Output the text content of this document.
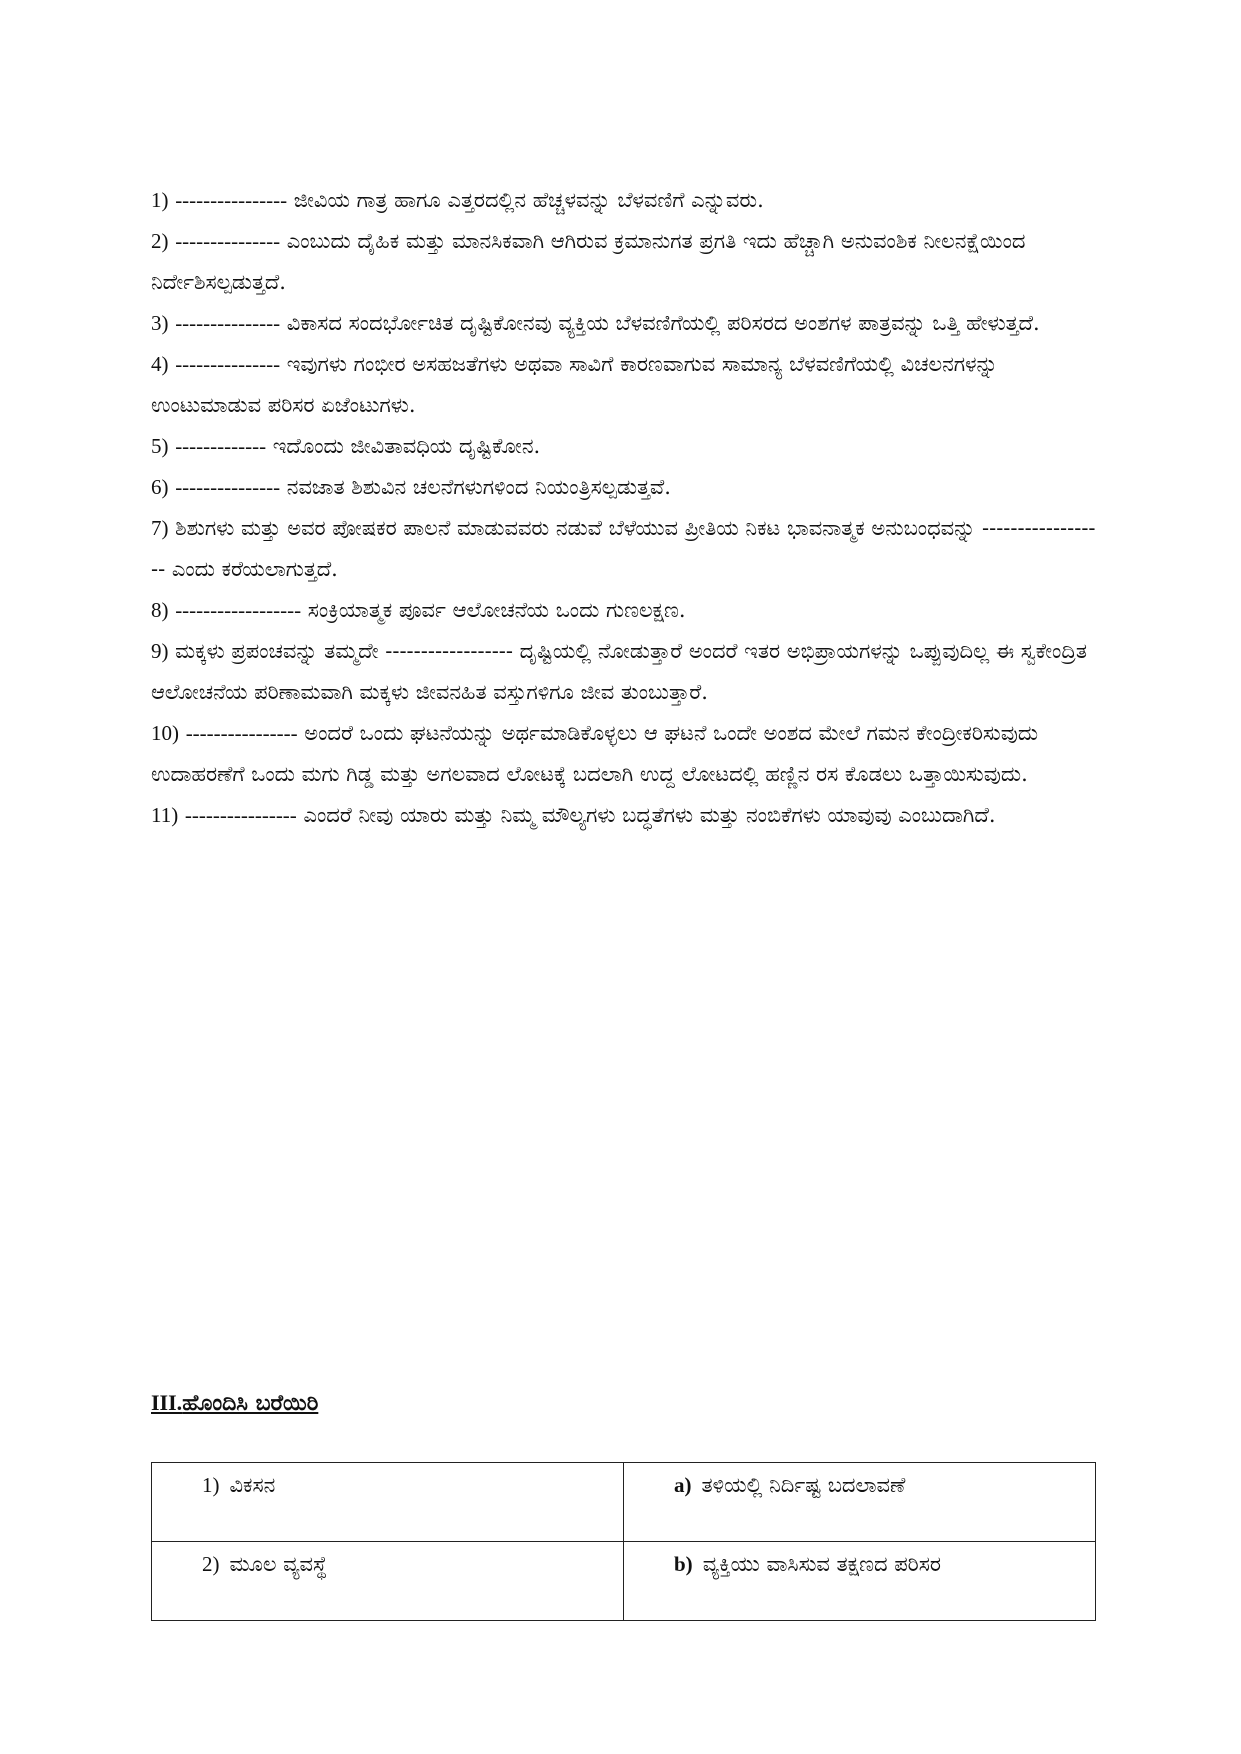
1) ---------------- ಜೀವಿಯ ಗಾತ್ರ ಹಾಗೂ ಎತ್ತರದಲ್ಲಿನ ಹೆಚ್ಚಳವನ್ನು ಬೆಳವಣಿಗೆ ಎನ್ನುವರು.

2) --------------- ಎಂಬುದು ದೈಹಿಕ ಮತ್ತು ಮಾನಸಿಕವಾಗಿ ಆಗಿರುವ ಕ್ರಮಾನುಗತ ಪ್ರಗತಿ ಇದು ಹೆಚ್ಚಾಗಿ ಅನುವಂಶಿಕ ನೀಲನಕ್ಷೆಯಿಂದ ನಿರ್ದೇಶಿಸಲ್ಪಡುತ್ತದೆ.

3) --------------- ವಿಕಾಸದ ಸಂದರ್ಭೋಚಿತ ದೃಷ್ಟಿಕೋನವು ವ್ಯಕ್ತಿಯ ಬೆಳವಣಿಗೆಯಲ್ಲಿ ಪರಿಸರದ ಅಂಶಗಳ ಪಾತ್ರವನ್ನು ಒತ್ತಿ ಹೇಳುತ್ತದೆ.

4) --------------- ಇವುಗಳು ಗಂಭೀರ ಅಸಹಜತೆಗಳು ಅಥವಾ ಸಾವಿಗೆ ಕಾರಣವಾಗುವ ಸಾಮಾನ್ಯ ಬೆಳವಣಿಗೆಯಲ್ಲಿ ವಿಚಲನಗಳನ್ನು ಉಂಟುಮಾಡುವ ಪರಿಸರ ಏಜೆಂಟುಗಳು.

5) ------------- ಇದೊಂದು ಜೀವಿತಾವಧಿಯ ದೃಷ್ಟಿಕೋನ.

6) --------------- ನವಜಾತ ಶಿಶುವಿನ ಚಲನೆಗಳುಗಳಿಂದ ನಿಯಂತ್ರಿಸಲ್ಪಡುತ್ತವೆ.

7) ಶಿಶುಗಳು ಮತ್ತು ಅವರ ಪೋಷಕರ ಪಾಲನೆ ಮಾಡುವವರು ನಡುವೆ ಬೆಳೆಯುವ ಪ್ರೀತಿಯ ನಿಕಟ ಭಾವನಾತ್ಮಕ ಅನುಬಂಧವನ್ನು ------------------ ಎಂದು ಕರೆಯಲಾಗುತ್ತದೆ.

8) ------------------ ಸಂಕ್ರಿಯಾತ್ಮಕ ಪೂರ್ವ ಆಲೋಚನೆಯ ಒಂದು ಗುಣಲಕ್ಷಣ.

9) ಮಕ್ಕಳು ಪ್ರಪಂಚವನ್ನು ತಮ್ಮದೇ ------------------ ದೃಷ್ಟಿಯಲ್ಲಿ ನೋಡುತ್ತಾರೆ ಅಂದರೆ ಇತರ ಅಭಿಪ್ರಾಯಗಳನ್ನು ಒಪ್ಪುವುದಿಲ್ಲ ಈ ಸ್ವಕೇಂದ್ರಿತ ಆಲೋಚನೆಯ ಪರಿಣಾಮವಾಗಿ ಮಕ್ಕಳು ಜೀವನಹಿತ ವಸ್ತುಗಳಿಗೂ ಜೀವ ತುಂಬುತ್ತಾರೆ.

10) ---------------- ಅಂದರೆ ಒಂದು ಘಟನೆಯನ್ನು ಅರ್ಥಮಾಡಿಕೊಳ್ಳಲು ಆ ಘಟನೆ ಒಂದೇ ಅಂಶದ ಮೇಲೆ ಗಮನ ಕೇಂದ್ರೀಕರಿಸುವುದು ಉದಾಹರಣೆಗೆ ಒಂದು ಮಗು ಗಿಡ್ಡ ಮತ್ತು ಅಗಲವಾದ ಲೋಟಕ್ಕೆ ಬದಲಾಗಿ ಉದ್ದ ಲೋಟದಲ್ಲಿ ಹಣ್ಣಿನ ರಸ ಕೊಡಲು ಒತ್ತಾಯಿಸುವುದು.

11) ---------------- ಎಂದರೆ ನೀವು ಯಾರು ಮತ್ತು ನಿಮ್ಮ ಮೌಲ್ಯಗಳು ಬದ್ಧತೆಗಳು ಮತ್ತು ನಂಬಿಕೆಗಳು ಯಾವುವು ಎಂಬುದಾಗಿದೆ.

III.ಹೊಂದಿಸಿ ಬರೆಯಿರಿ
1) ವಿಕಸನ	a) ತಳಿಯಲ್ಲಿ ನಿರ್ದಿಷ್ಟ ಬದಲಾವಣೆ

2) ಮೂಲ ವ್ಯವಸ್ಥೆ	b) ವ್ಯಕ್ತಿಯು ವಾಸಿಸುವ ತಕ್ಷಣದ ಪರಿಸರ
